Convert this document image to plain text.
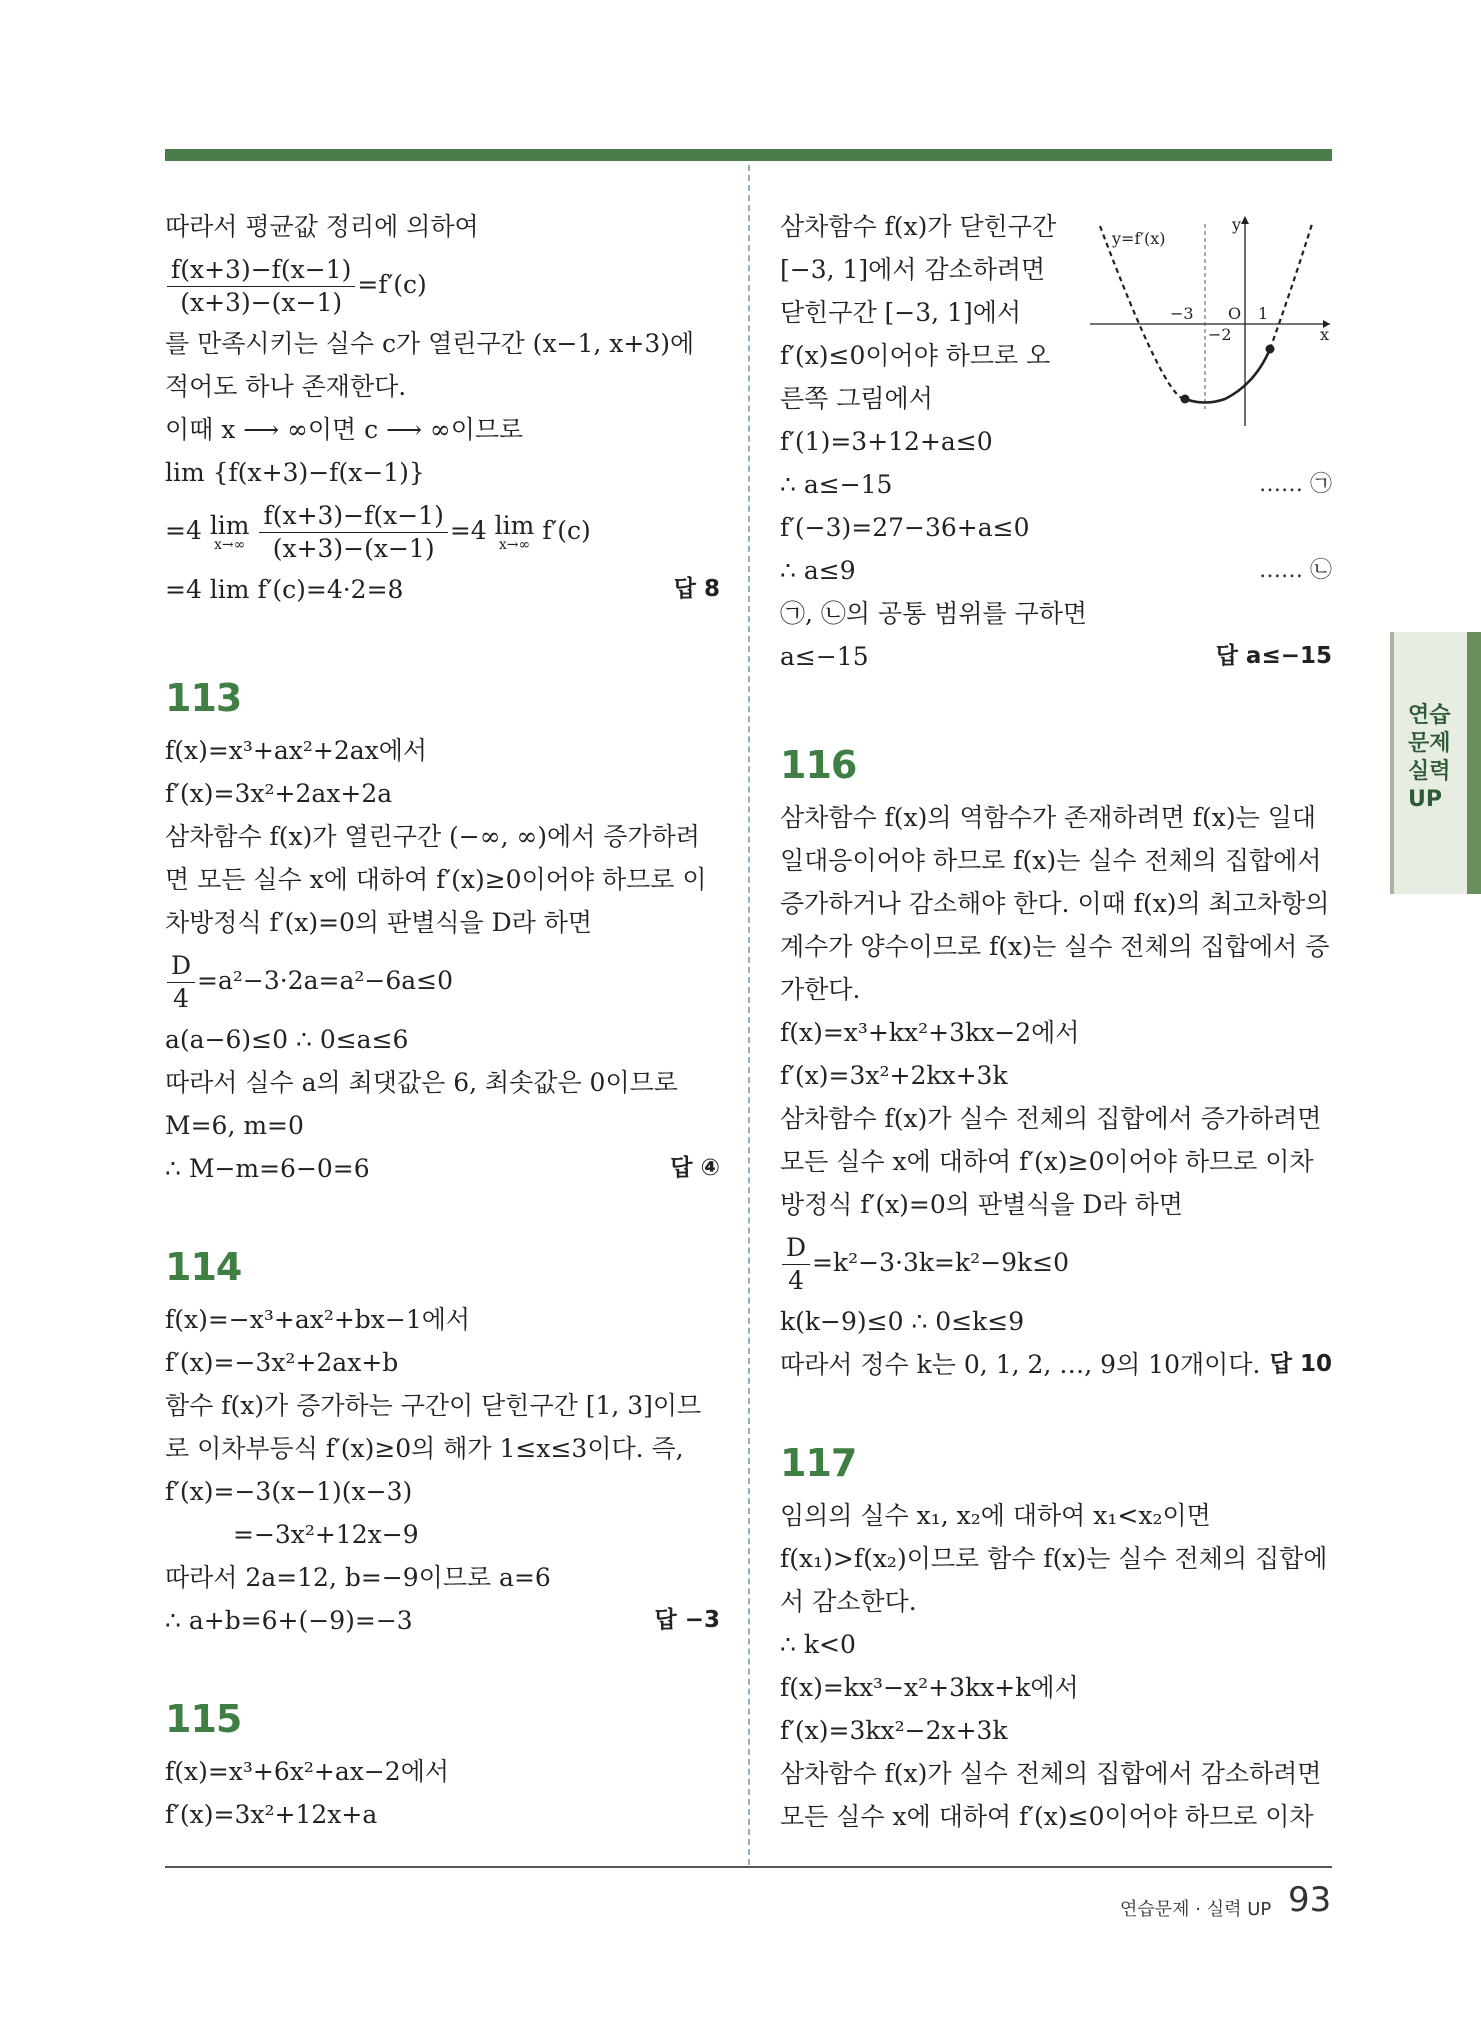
따라서 평균값 정리에 의하여
$\frac{f(x+3)-f(x-1)}{(x+3)-(x-1)} =f'(c)$
를 만족시키는 실수 c가 열린구간 (x−1, x+3)에 적어도 하나 존재한다.
이때 x ⟶ ∞이면 c ⟶ ∞이므로
lim {f(x+3)−f(x−1)}
=4 lim
x→∞
$\frac{f(x+3)-f(x-1)}{(x+3)-(x-1)} =4$ lim
x→∞ f′(c)
=4 lim f′(c)=4·2=8	답 8
113
f(x)=x³+ax²+2ax에서
f′(x)=3x²+2ax+2a
삼차함수 f(x)가 열린구간 (−∞, ∞)에서 증가하려면 모든 실수 x에 대하여 f′(x)≥0이어야 하므로 이차방정식 f′(x)=0의 판별식을 D라 하면
$\frac{D}{4} =a^2-3\cdot 2a=a^2-6a\le 0$
a(a−6)≤0 ∴ 0≤a≤6
따라서 실수 a의 최댓값은 6, 최솟값은 0이므로
M=6, m=0
∴ M−m=6−0=6	답 ④
114
f(x)=−x³+ax²+bx−1에서
f′(x)=−3x²+2ax+b
함수 f(x)가 증가하는 구간이 닫힌구간 [1, 3]이므로 이차부등식 f′(x)≥0의 해가 1≤x≤3이다. 즉,
f′(x)=−3(x−1)(x−3)
=−3x²+12x−9
따라서 2a=12, b=−9이므로 a=6
∴ a+b=6+(−9)=−3	답 −3
115
f(x)=x³+6x²+ax−2에서
f′(x)=3x²+12x+a
삼차함수 f(x)가 닫힌구간
[−3, 1]에서 감소하려면
닫힌구간 [−3, 1]에서
f′(x)≤0이어야 하므로 오
른쪽 그림에서
f′(1)=3+12+a≤0
∴ a≤−15	…… ㉠
f′(−3)=27−36+a≤0
∴ a≤9	…… ㉡
㉠, ㉡의 공통 범위를 구하면
a≤−15	답 a≤−15
116
삼차함수 f(x)의 역함수가 존재하려면 f(x)는 일대일대응이어야 하므로 f(x)는 실수 전체의 집합에서 증가하거나 감소해야 한다. 이때 f(x)의 최고차항의 계수가 양수이므로 f(x)는 실수 전체의 집합에서 증가한다.
f(x)=x³+kx²+3kx−2에서
f′(x)=3x²+2kx+3k
삼차함수 f(x)가 실수 전체의 집합에서 증가하려면 모든 실수 x에 대하여 f′(x)≥0이어야 하므로 이차방정식 f′(x)=0의 판별식을 D라 하면
$\frac{D}{4} =k^2-3\cdot 3k=k^2-9k\le 0$
k(k−9)≤0 ∴ 0≤k≤9
따라서 정수 k는 0, 1, 2, …, 9의 10개이다. 답 10
117
임의의 실수 x₁, x₂에 대하여 x₁<x₂이면 f(x₁)>f(x₂)이므로 함수 f(x)는 실수 전체의 집합에서 감소한다.
∴ k<0
f(x)=kx³−x²+3kx+k에서
f′(x)=3kx²−2x+3k
삼차함수 f(x)가 실수 전체의 집합에서 감소하려면 모든 실수 x에 대하여 f′(x)≤0이어야 하므로 이차
y=f′(x)
y
x
−3 O 1
−2
연습문제 실력UP
연습문제 · 실력 UP 93
